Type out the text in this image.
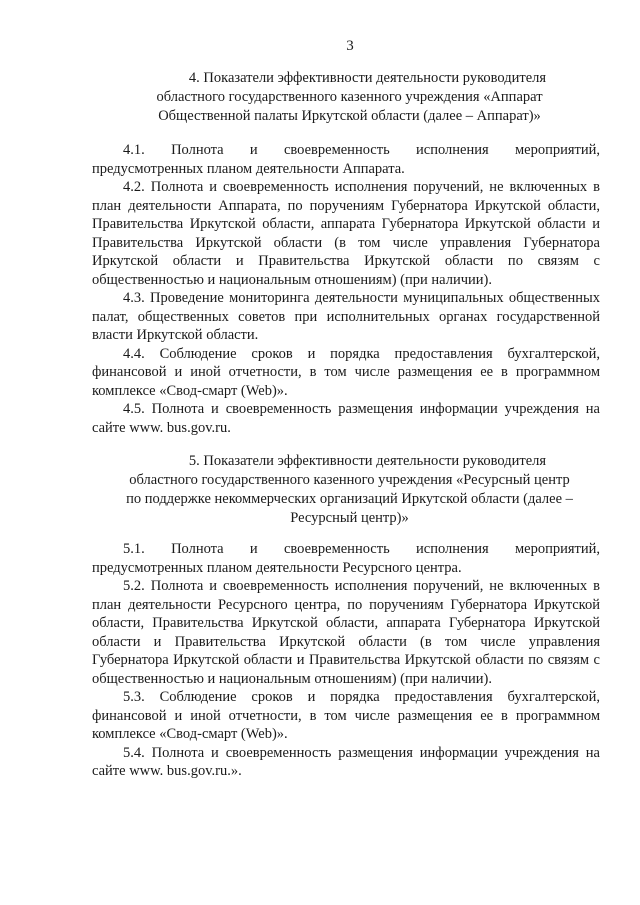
3
4. Показатели эффективности деятельности руководителя
областного государственного казенного учреждения «Аппарат
Общественной палаты Иркутской области (далее – Аппарат)»

4.1. Полнота и своевременность исполнения мероприятий, предусмотренных планом деятельности Аппарата.

4.2. Полнота и своевременность исполнения поручений, не включенных в план деятельности Аппарата, по поручениям Губернатора Иркутской области, Правительства Иркутской области, аппарата Губернатора Иркутской области и Правительства Иркутской области (в том числе управления Губернатора Иркутской области и Правительства Иркутской области по связям с общественностью и национальным отношениям) (при наличии).

4.3. Проведение мониторинга деятельности муниципальных общественных палат, общественных советов при исполнительных органах государственной власти Иркутской области.

4.4. Соблюдение сроков и порядка предоставления бухгалтерской, финансовой и иной отчетности, в том числе размещения ее в программном комплексе «Свод-смарт (Web)».

4.5. Полнота и своевременность размещения информации учреждения на сайте www. bus.gov.ru.

5. Показатели эффективности деятельности руководителя
областного государственного казенного учреждения «Ресурсный центр
по поддержке некоммерческих организаций Иркутской области (далее –
Ресурсный центр)»

5.1. Полнота и своевременность исполнения мероприятий, предусмотренных планом деятельности Ресурсного центра.

5.2. Полнота и своевременность исполнения поручений, не включенных в план деятельности Ресурсного центра, по поручениям Губернатора Иркутской области, Правительства Иркутской области, аппарата Губернатора Иркутской области и Правительства Иркутской области (в том числе управления Губернатора Иркутской области и Правительства Иркутской области по связям с общественностью и национальным отношениям) (при наличии).

5.3. Соблюдение сроков и порядка предоставления бухгалтерской, финансовой и иной отчетности, в том числе размещения ее в программном комплексе «Свод-смарт (Web)».

5.4. Полнота и своевременность размещения информации учреждения на сайте www. bus.gov.ru.».
